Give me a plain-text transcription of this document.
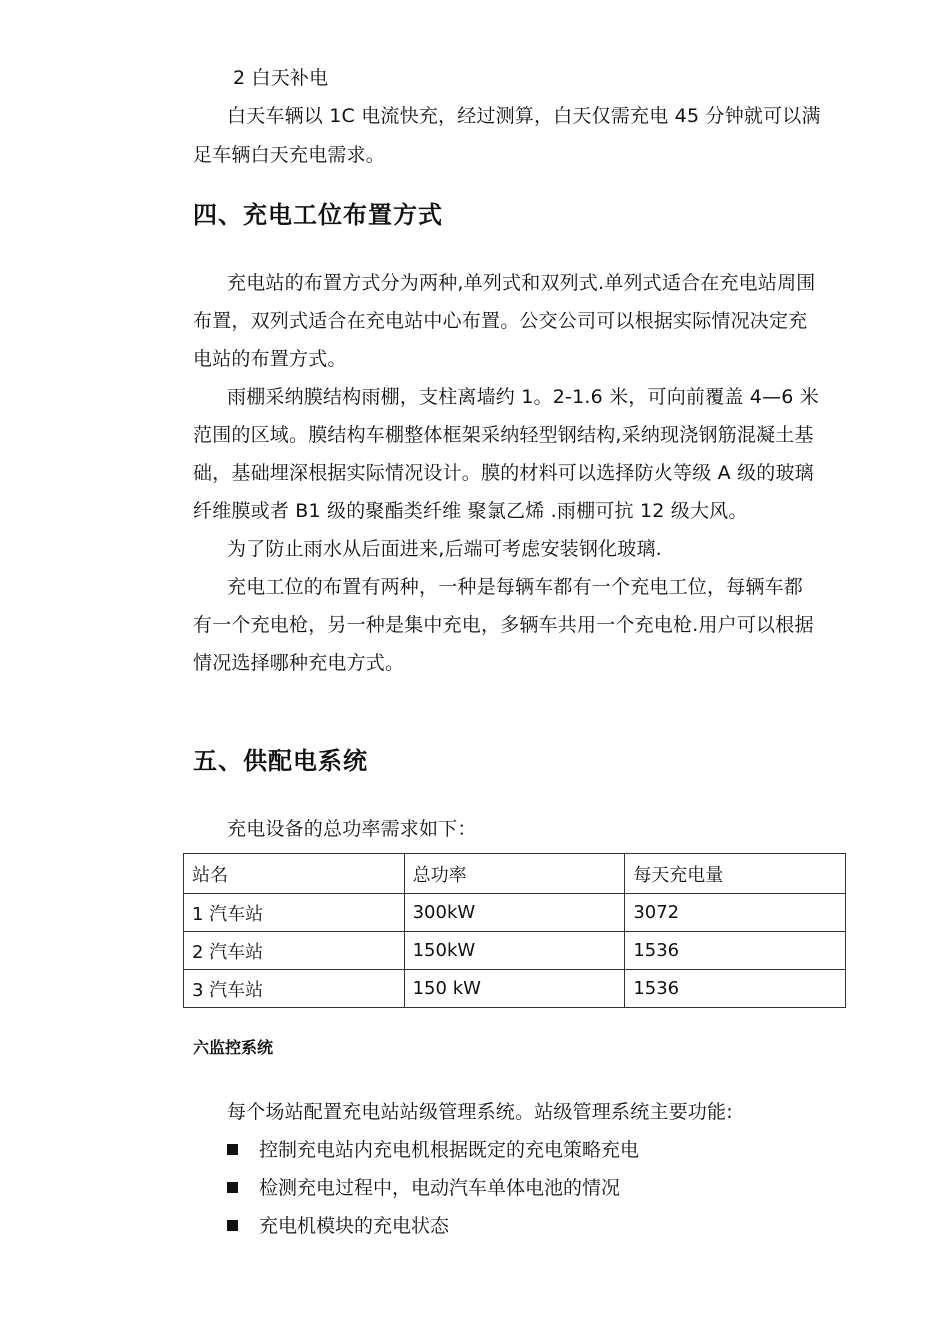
2 白天补电
白天车辆以 1C 电流快充，经过测算，白天仅需充电 45 分钟就可以满
足车辆白天充电需求。
四、充电工位布置方式
充电站的布置方式分为两种,单列式和双列式.单列式适合在充电站周围
布置，双列式适合在充电站中心布置。公交公司可以根据实际情况决定充
电站的布置方式。
雨棚采纳膜结构雨棚，支柱离墙约 1。2-1.6 米，可向前覆盖 4—6 米
范围的区域。膜结构车棚整体框架采纳轻型钢结构,采纳现浇钢筋混凝土基
础，基础埋深根据实际情况设计。膜的材料可以选择防火等级 A 级的玻璃
纤维膜或者 B1 级的聚酯类纤维 聚氯乙烯 .雨棚可抗 12 级大风。
为了防止雨水从后面进来,后端可考虑安装钢化玻璃.
充电工位的布置有两种，一种是每辆车都有一个充电工位，每辆车都
有一个充电枪，另一种是集中充电，多辆车共用一个充电枪.用户可以根据
情况选择哪种充电方式。
五、供配电系统
充电设备的总功率需求如下：
站名	总功率	每天充电量
1 汽车站	300kW	3072
2 汽车站	150kW	1536
3 汽车站	150 kW	1536
六监控系统
每个场站配置充电站站级管理系统。站级管理系统主要功能:
控制充电站内充电机根据既定的充电策略充电
检测充电过程中，电动汽车单体电池的情况
充电机模块的充电状态
